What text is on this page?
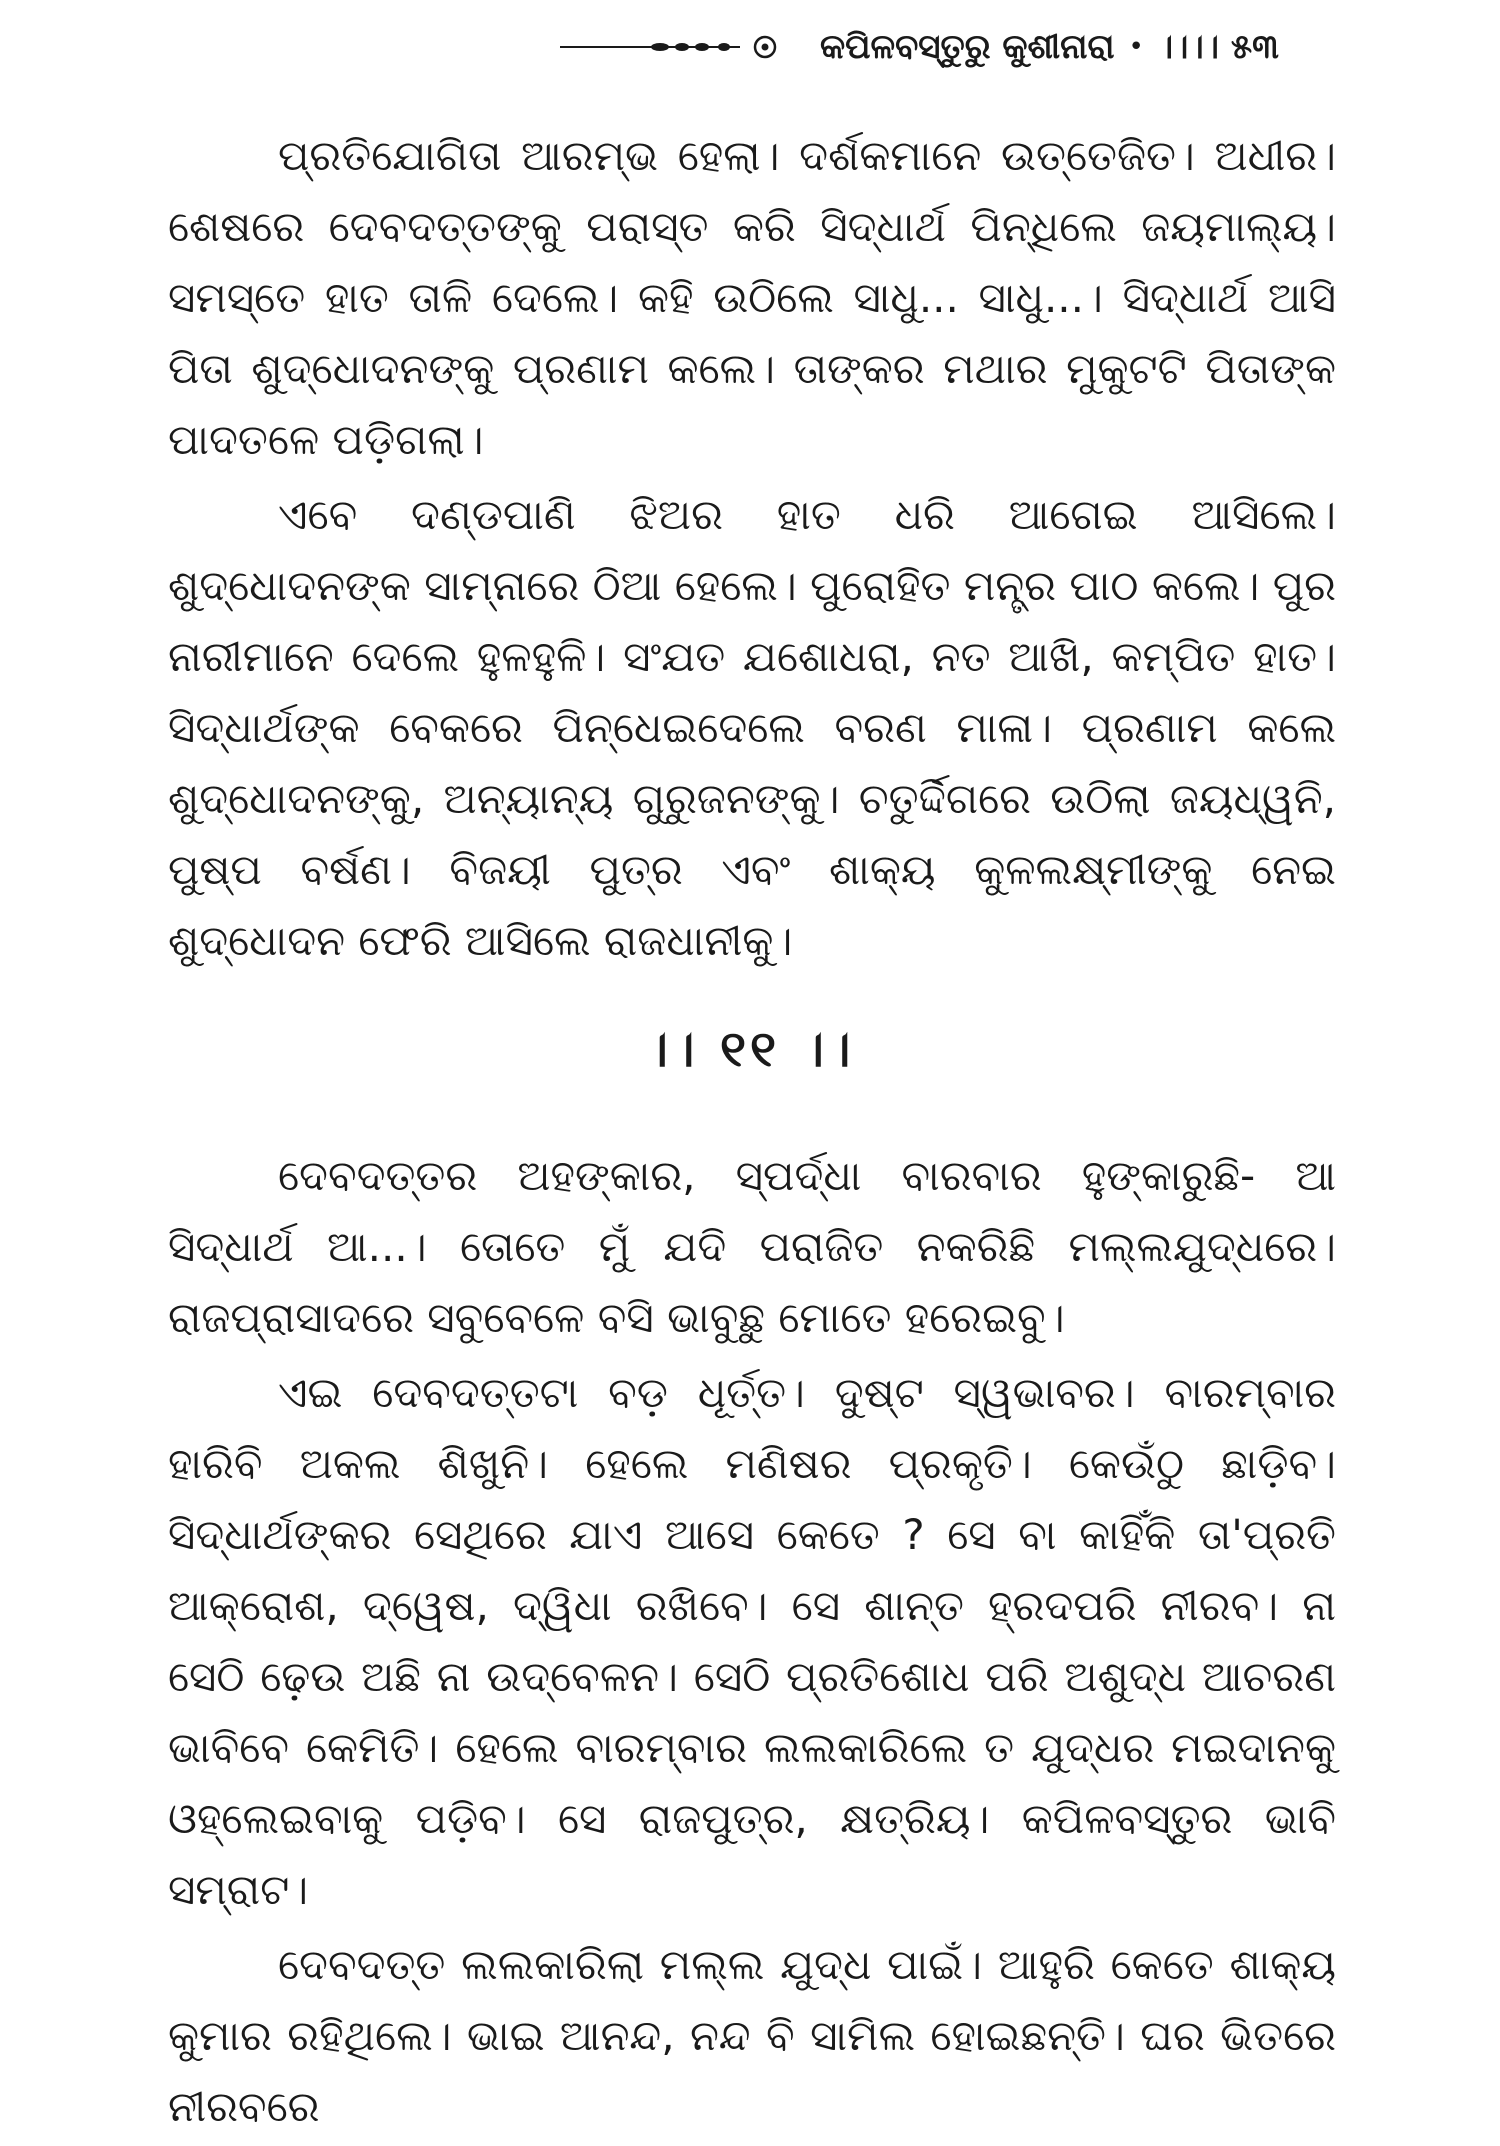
କପିଳବସ୍ତୁରୁ କୁଶୀନାରା • ।।।। ୫୩

ପ୍ରତିଯୋଗିତା ଆରମ୍ଭ ହେଲା। ଦର୍ଶକମାନେ ଉତ୍ତେଜିତ। ଅଧୀର। ଶେଷରେ ଦେବଦତ୍ତଙ୍କୁ ପରାସ୍ତ କରି ସିଦ୍ଧାର୍ଥ ପିନ୍ଧିଲେ ଜୟମାଲ୍ୟ। ସମସ୍ତେ ହାତ ତାଳି ଦେଲେ। କହି ଉଠିଲେ ସାଧୁ... ସାଧୁ...। ସିଦ୍ଧାର୍ଥ ଆସି ପିତା ଶୁଦ୍ଧୋଦନଙ୍କୁ ପ୍ରଣାମ କଲେ। ତାଙ୍କର ମଥାର ମୁକୁଟଟି ପିତାଙ୍କ ପାଦତଳେ ପଡ଼ିଗଲା।

ଏବେ ଦଣ୍ଡପାଣି ଝିଅର ହାତ ଧରି ଆଗେଇ ଆସିଲେ। ଶୁଦ୍ଧୋଦନଙ୍କ ସାମ୍ନାରେ ଠିଆ ହେଲେ। ପୁରୋହିତ ମନ୍ତ୍ର ପାଠ କଲେ। ପୁର ନାରୀମାନେ ଦେଲେ ହୁଳହୁଳି। ସଂଯତ ଯଶୋଧରା, ନତ ଆଖି, କମ୍ପିତ ହାତ। ସିଦ୍ଧାର୍ଥଙ୍କ ବେକରେ ପିନ୍ଧେଇଦେଲେ ବରଣ ମାଳା। ପ୍ରଣାମ କଲେ ଶୁଦ୍ଧୋଦନଙ୍କୁ, ଅନ୍ୟାନ୍ୟ ଗୁରୁଜନଙ୍କୁ। ଚତୁର୍ଦ୍ଦିଗରେ ଉଠିଲା ଜୟଧ୍ୱନି, ପୁଷ୍ପ ବର୍ଷଣ। ବିଜୟୀ ପୁତ୍ର ଏବଂ ଶାକ୍ୟ କୁଳଲକ୍ଷ୍ମୀଙ୍କୁ ନେଇ ଶୁଦ୍ଧୋଦନ ଫେରି ଆସିଲେ ରାଜଧାନୀକୁ।

।। ୧୧ ।।

ଦେବଦତ୍ତର ଅହଙ୍କାର, ସ୍ପର୍ଦ୍ଧା ବାରବାର ହୁଙ୍କାରୁଛି- ଆ ସିଦ୍ଧାର୍ଥ ଆ...। ତୋତେ ମୁଁ ଯଦି ପରାଜିତ ନକରିଛି ମଲ୍ଲଯୁଦ୍ଧରେ। ରାଜପ୍ରାସାଦରେ ସବୁବେଳେ ବସି ଭାବୁଛୁ ମୋତେ ହରେଇବୁ।

ଏଇ ଦେବଦତ୍ତଟା ବଡ଼ ଧୂର୍ତ୍ତ। ଦୁଷ୍ଟ ସ୍ୱଭାବର। ବାରମ୍ବାର ହାରିବି ଅକଲ ଶିଖୁନି। ହେଲେ ମଣିଷର ପ୍ରକୃତି। କେଉଁଠୁ ଛାଡ଼ିବ। ସିଦ୍ଧାର୍ଥଙ୍କର ସେଥିରେ ଯାଏ ଆସେ କେତେ ? ସେ ବା କାହିଁକି ତା'ପ୍ରତି ଆକ୍ରୋଶ, ଦ୍ୱେଷ, ଦ୍ୱିଧା ରଖିବେ। ସେ ଶାନ୍ତ ହ୍ରଦପରି ନୀରବ। ନା ସେଠି ଢ଼େଉ ଅଛି ନା ଉଦ୍‌ବେଳନ। ସେଠି ପ୍ରତିଶୋଧ ପରି ଅଶୁଦ୍ଧ ଆଚରଣ ଭାବିବେ କେମିତି। ହେଲେ ବାରମ୍ବାର ଲଲକାରିଲେ ତ ଯୁଦ୍ଧର ମଇଦାନକୁ ଓହ୍ଲେଇବାକୁ ପଡ଼ିବ। ସେ ରାଜପୁତ୍ର, କ୍ଷତ୍ରିୟ। କପିଳବସ୍ତୁର ଭାବି ସମ୍ରାଟ।

ଦେବଦତ୍ତ ଲଲକାରିଲା ମଲ୍ଲ ଯୁଦ୍ଧ ପାଇଁ। ଆହୁରି କେତେ ଶାକ୍ୟ କୁମାର ରହିଥିଲେ। ଭାଇ ଆନନ୍ଦ, ନନ୍ଦ ବି ସାମିଲ ହୋଇଛନ୍ତି। ଘର ଭିତରେ ନୀରବରେ
